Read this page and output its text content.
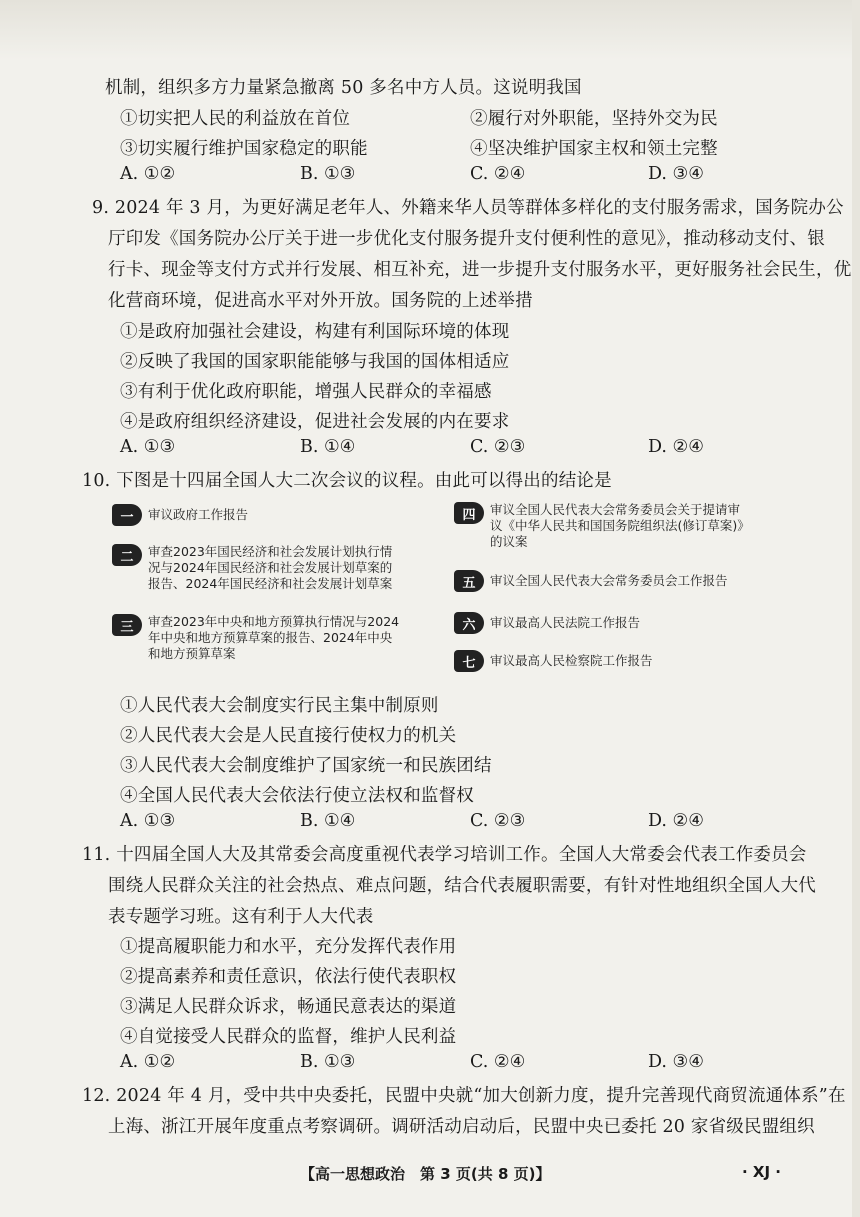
机制，组织多方力量紧急撤离 50 多名中方人员。这说明我国
①切实把人民的利益放在首位	②履行对外职能，坚持外交为民
③切实履行维护国家稳定的职能	④坚决维护国家主权和领土完整
A. ①②	B. ①③	C. ②④	D. ③④
9. 2024 年 3 月，为更好满足老年人、外籍来华人员等群体多样化的支付服务需求，国务院办公
厅印发《国务院办公厅关于进一步优化支付服务提升支付便利性的意见》，推动移动支付、银
行卡、现金等支付方式并行发展、相互补充，进一步提升支付服务水平，更好服务社会民生，优
化营商环境，促进高水平对外开放。国务院的上述举措
①是政府加强社会建设，构建有利国际环境的体现
②反映了我国的国家职能能够与我国的国体相适应
③有利于优化政府职能，增强人民群众的幸福感
④是政府组织经济建设，促进社会发展的内在要求
A. ①③	B. ①④	C. ②③	D. ②④
10. 下图是十四届全国人大二次会议的议程。由此可以得出的结论是
一	审议政府工作报告
二	审查2023年国民经济和社会发展计划执行情
况与2024年国民经济和社会发展计划草案的
报告、2024年国民经济和社会发展计划草案
三	审查2023年中央和地方预算执行情况与2024
年中央和地方预算草案的报告、2024年中央
和地方预算草案
四	审议全国人民代表大会常务委员会关于提请审
议《中华人民共和国国务院组织法(修订草案)》
的议案
五	审议全国人民代表大会常务委员会工作报告
六	审议最高人民法院工作报告
七	审议最高人民检察院工作报告
①人民代表大会制度实行民主集中制原则
②人民代表大会是人民直接行使权力的机关
③人民代表大会制度维护了国家统一和民族团结
④全国人民代表大会依法行使立法权和监督权
A. ①③	B. ①④	C. ②③	D. ②④
11. 十四届全国人大及其常委会高度重视代表学习培训工作。全国人大常委会代表工作委员会
围绕人民群众关注的社会热点、难点问题，结合代表履职需要，有针对性地组织全国人大代
表专题学习班。这有利于人大代表
①提高履职能力和水平，充分发挥代表作用
②提高素养和责任意识，依法行使代表职权
③满足人民群众诉求，畅通民意表达的渠道
④自觉接受人民群众的监督，维护人民利益
A. ①②	B. ①③	C. ②④	D. ③④
12. 2024 年 4 月，受中共中央委托，民盟中央就“加大创新力度，提升完善现代商贸流通体系”在
上海、浙江开展年度重点考察调研。调研活动启动后，民盟中央已委托 20 家省级民盟组织
【高一思想政治　第 3 页(共 8 页)】	· XJ ·
